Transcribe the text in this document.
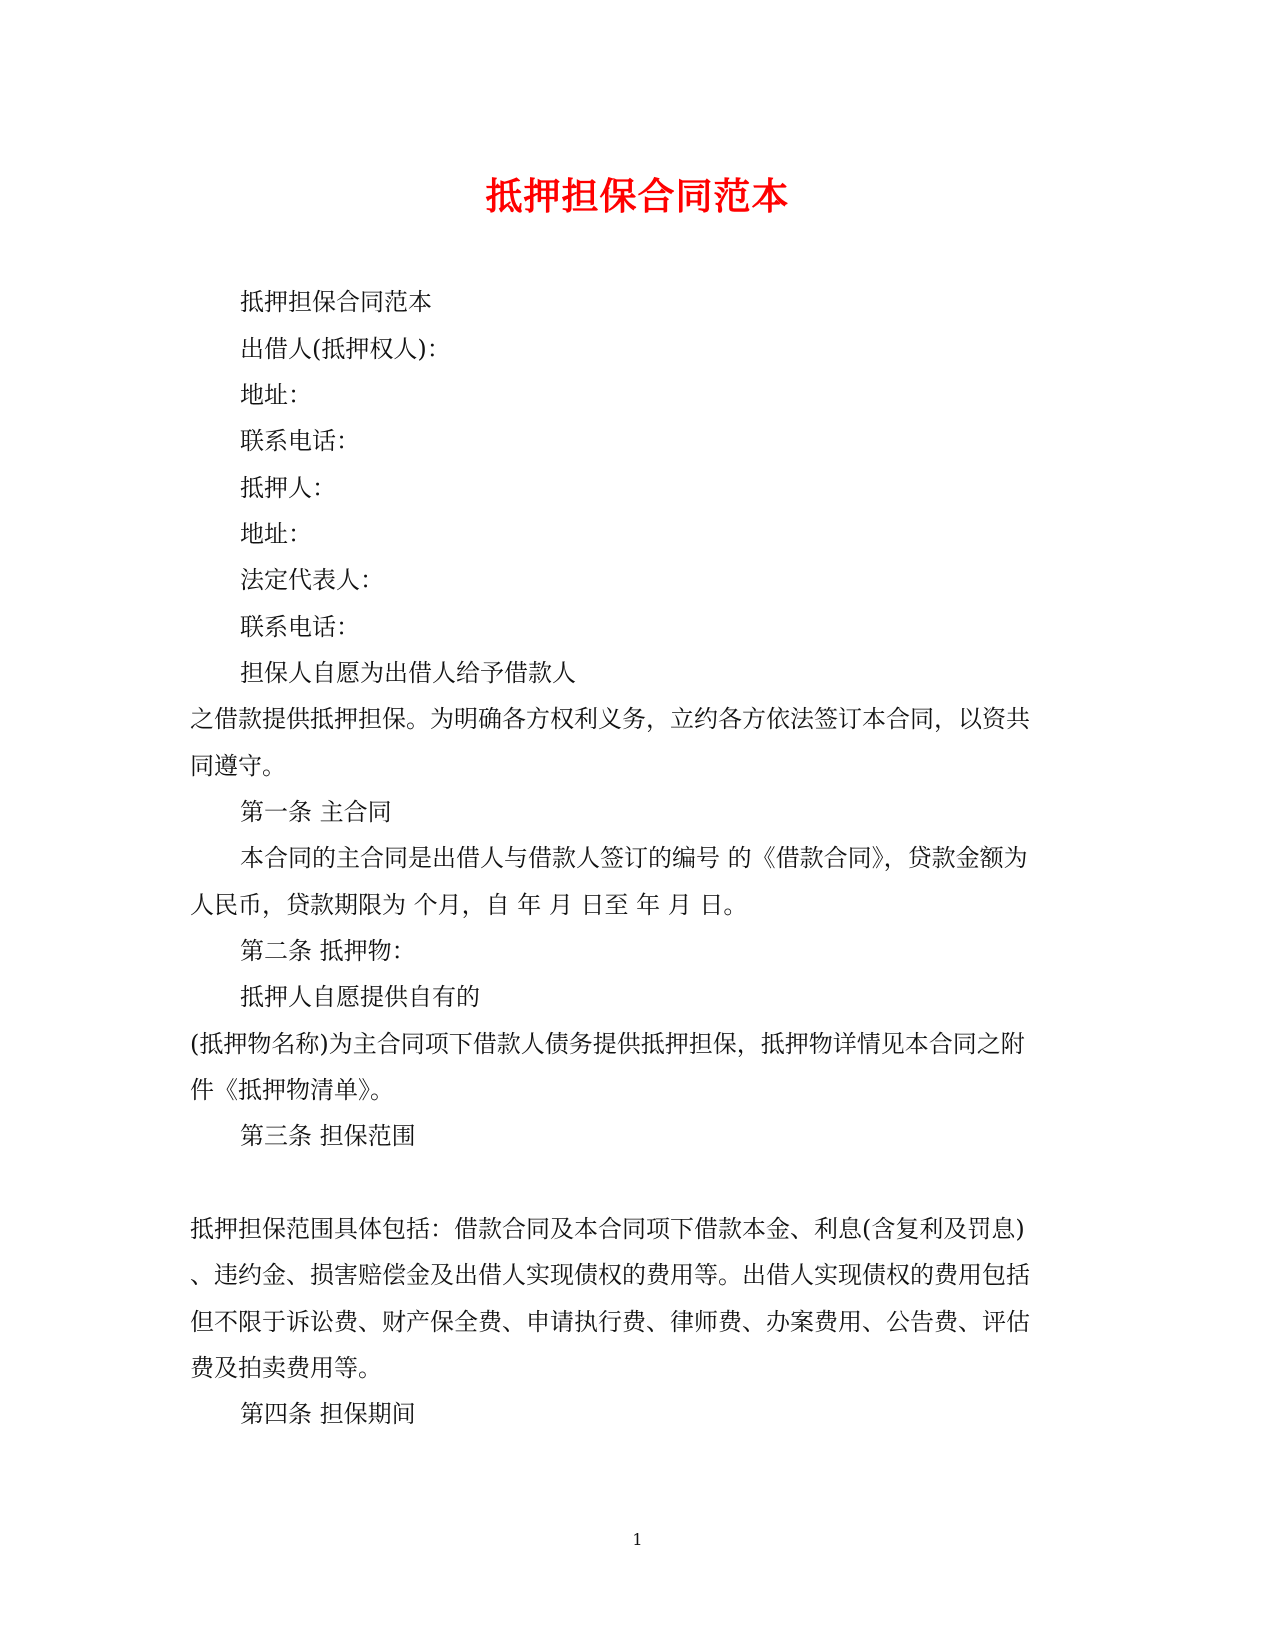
抵押担保合同范本
抵押担保合同范本
出借人(抵押权人)：
地址：
联系电话：
抵押人：
地址：
法定代表人：
联系电话：
担保人自愿为出借人给予借款人
之借款提供抵押担保。为明确各方权利义务，立约各方依法签订本合同，以资共
同遵守。
第一条 主合同
本合同的主合同是出借人与借款人签订的编号 的《借款合同》，贷款金额为
人民币，贷款期限为 个月，自 年 月 日至 年 月 日。
第二条 抵押物：
抵押人自愿提供自有的
(抵押物名称)为主合同项下借款人债务提供抵押担保，抵押物详情见本合同之附
件《抵押物清单》。
第三条 担保范围
抵押担保范围具体包括：借款合同及本合同项下借款本金、利息(含复利及罚息)
、违约金、损害赔偿金及出借人实现债权的费用等。出借人实现债权的费用包括
但不限于诉讼费、财产保全费、申请执行费、律师费、办案费用、公告费、评估
费及拍卖费用等。
第四条 担保期间
1
